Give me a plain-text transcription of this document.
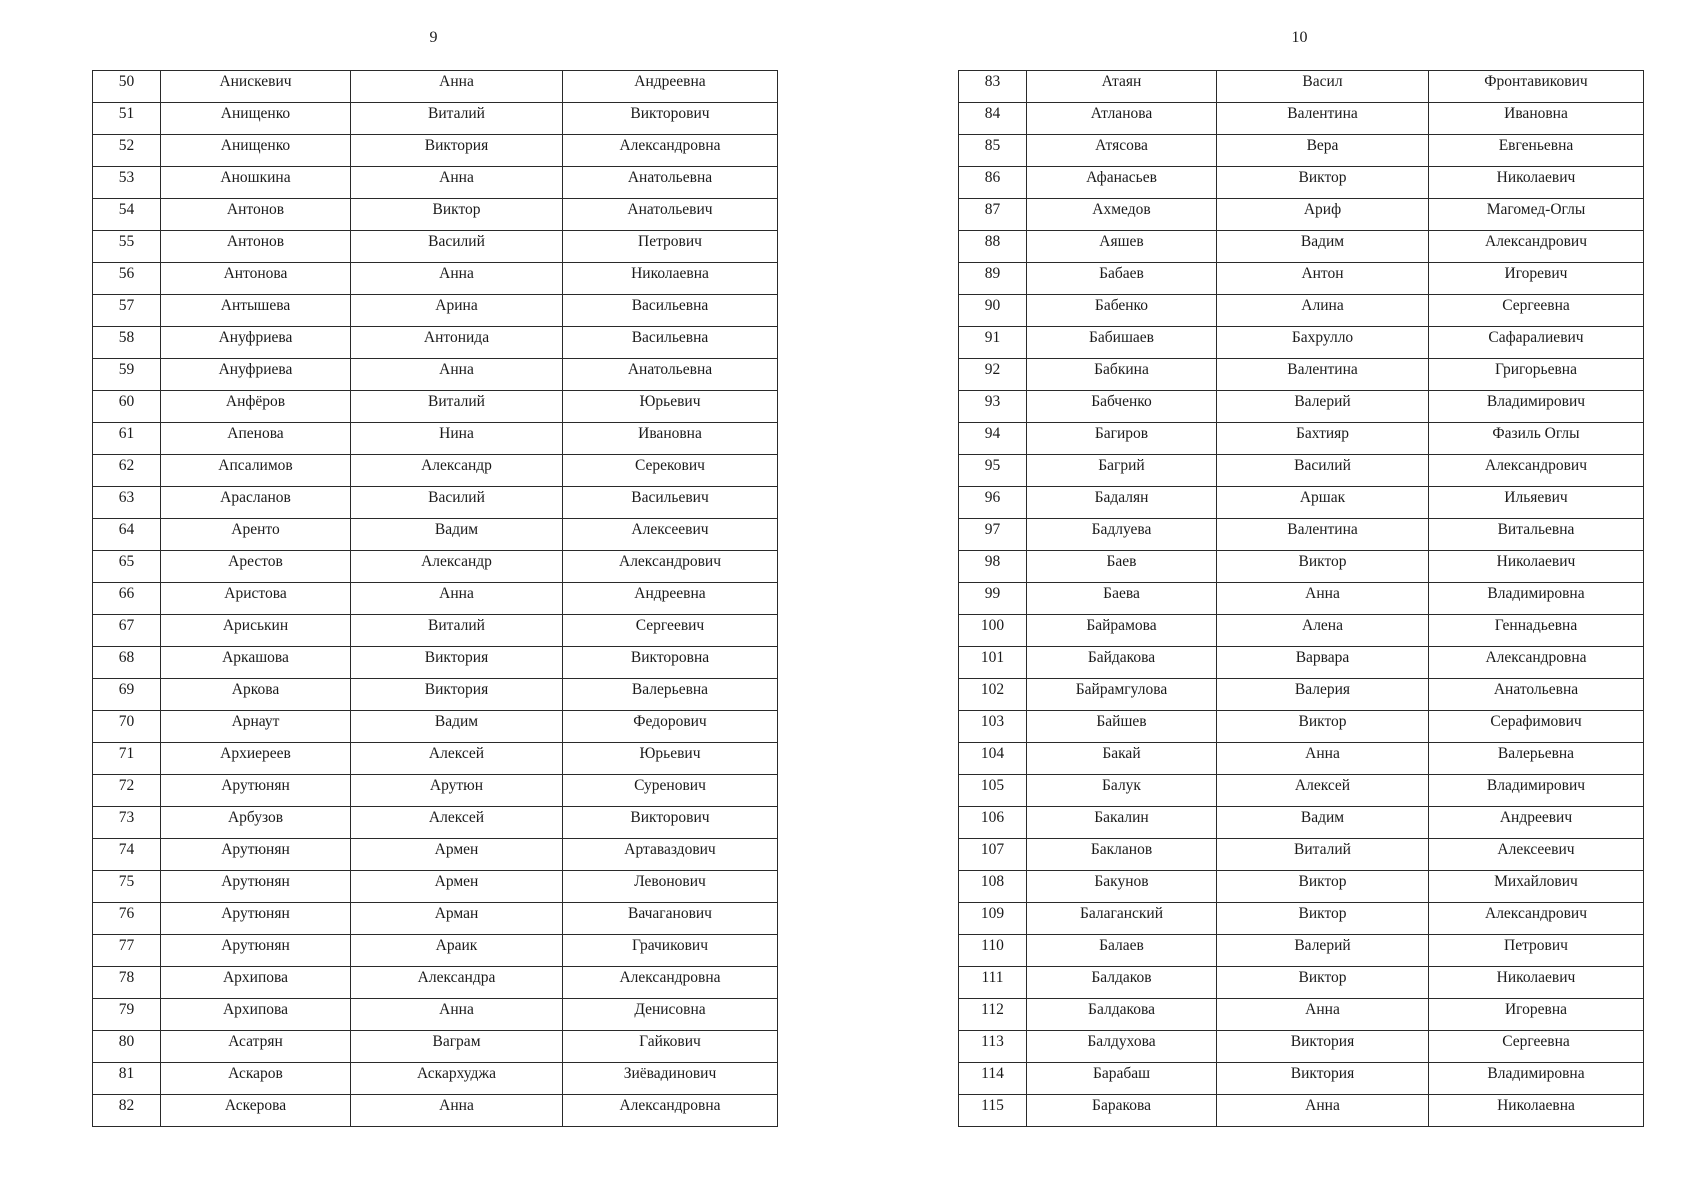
9
50	Анискевич	Анна	Андреевна
51	Анищенко	Виталий	Викторович
52	Анищенко	Виктория	Александровна
53	Аношкина	Анна	Анатольевна
54	Антонов	Виктор	Анатольевич
55	Антонов	Василий	Петрович
56	Антонова	Анна	Николаевна
57	Антышева	Арина	Васильевна
58	Ануфриева	Антонида	Васильевна
59	Ануфриева	Анна	Анатольевна
60	Анфёров	Виталий	Юрьевич
61	Апенова	Нина	Ивановна
62	Апсалимов	Александр	Серекович
63	Арасланов	Василий	Васильевич
64	Аренто	Вадим	Алексеевич
65	Арестов	Александр	Александрович
66	Аристова	Анна	Андреевна
67	Ариськин	Виталий	Сергеевич
68	Аркашова	Виктория	Викторовна
69	Аркова	Виктория	Валерьевна
70	Арнаут	Вадим	Федорович
71	Архиереев	Алексей	Юрьевич
72	Арутюнян	Арутюн	Суренович
73	Арбузов	Алексей	Викторович
74	Арутюнян	Армен	Артаваздович
75	Арутюнян	Армен	Левонович
76	Арутюнян	Арман	Вачаганович
77	Арутюнян	Араик	Грачикович
78	Архипова	Александра	Александровна
79	Архипова	Анна	Денисовна
80	Асатрян	Ваграм	Гайкович
81	Аскаров	Аскархуджа	Зиёвадинович
82	Аскерова	Анна	Александровна
10
83	Атаян	Васил	Фронтавикович
84	Атланова	Валентина	Ивановна
85	Атясова	Вера	Евгеньевна
86	Афанасьев	Виктор	Николаевич
87	Ахмедов	Ариф	Магомед-Оглы
88	Аяшев	Вадим	Александрович
89	Бабаев	Антон	Игоревич
90	Бабенко	Алина	Сергеевна
91	Бабишаев	Бахрулло	Сафаралиевич
92	Бабкина	Валентина	Григорьевна
93	Бабченко	Валерий	Владимирович
94	Багиров	Бахтияр	Фазиль Оглы
95	Багрий	Василий	Александрович
96	Бадалян	Аршак	Ильяевич
97	Бадлуева	Валентина	Витальевна
98	Баев	Виктор	Николаевич
99	Баева	Анна	Владимировна
100	Байрамова	Алена	Геннадьевна
101	Байдакова	Варвара	Александровна
102	Байрамгулова	Валерия	Анатольевна
103	Байшев	Виктор	Серафимович
104	Бакай	Анна	Валерьевна
105	Балук	Алексей	Владимирович
106	Бакалин	Вадим	Андреевич
107	Бакланов	Виталий	Алексеевич
108	Бакунов	Виктор	Михайлович
109	Балаганский	Виктор	Александрович
110	Балаев	Валерий	Петрович
111	Балдаков	Виктор	Николаевич
112	Балдакова	Анна	Игоревна
113	Балдухова	Виктория	Сергеевна
114	Барабаш	Виктория	Владимировна
115	Баракова	Анна	Николаевна
